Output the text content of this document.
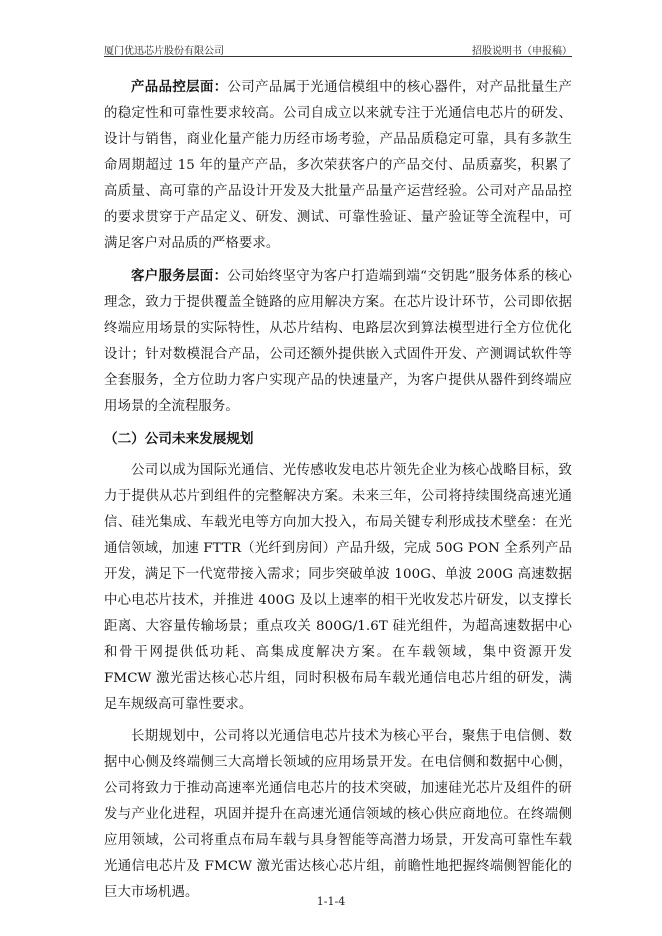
厦门优迅芯片股份有限公司	招股说明书（申报稿）

产品品控层面：公司产品属于光通信模组中的核心器件，对产品批量生产的稳定性和可靠性要求较高。公司自成立以来就专注于光通信电芯片的研发、设计与销售，商业化量产能力历经市场考验，产品品质稳定可靠，具有多款生命周期超过 15 年的量产产品，多次荣获客户的产品交付、品质嘉奖，积累了高质量、高可靠的产品设计开发及大批量产品量产运营经验。公司对产品品控的要求贯穿于产品定义、研发、测试、可靠性验证、量产验证等全流程中，可满足客户对品质的严格要求。

客户服务层面：公司始终坚守为客户打造端到端“交钥匙”服务体系的核心理念，致力于提供覆盖全链路的应用解决方案。在芯片设计环节，公司即依据终端应用场景的实际特性，从芯片结构、电路层次到算法模型进行全方位优化设计；针对数模混合产品，公司还额外提供嵌入式固件开发、产测调试软件等全套服务，全方位助力客户实现产品的快速量产，为客户提供从器件到终端应用场景的全流程服务。

（二）公司未来发展规划

公司以成为国际光通信、光传感收发电芯片领先企业为核心战略目标，致力于提供从芯片到组件的完整解决方案。未来三年，公司将持续围绕高速光通信、硅光集成、车载光电等方向加大投入，布局关键专利形成技术壁垒：在光通信领域，加速 FTTR（光纤到房间）产品升级，完成 50G PON 全系列产品开发，满足下一代宽带接入需求；同步突破单波 100G、单波 200G 高速数据中心电芯片技术，并推进 400G 及以上速率的相干光收发芯片研发，以支撑长距离、大容量传输场景；重点攻关 800G/1.6T 硅光组件，为超高速数据中心和骨干网提供低功耗、高集成度解决方案。在车载领域，集中资源开发 FMCW 激光雷达核心芯片组，同时积极布局车载光通信电芯片组的研发，满足车规级高可靠性要求。

长期规划中，公司将以光通信电芯片技术为核心平台，聚焦于电信侧、数据中心侧及终端侧三大高增长领域的应用场景开发。在电信侧和数据中心侧，公司将致力于推动高速率光通信电芯片的技术突破，加速硅光芯片及组件的研发与产业化进程，巩固并提升在高速光通信领域的核心供应商地位。在终端侧应用领域，公司将重点布局车载与具身智能等高潜力场景，开发高可靠性车载光通信电芯片及 FMCW 激光雷达核心芯片组，前瞻性地把握终端侧智能化的巨大市场机遇。

1-1-4
